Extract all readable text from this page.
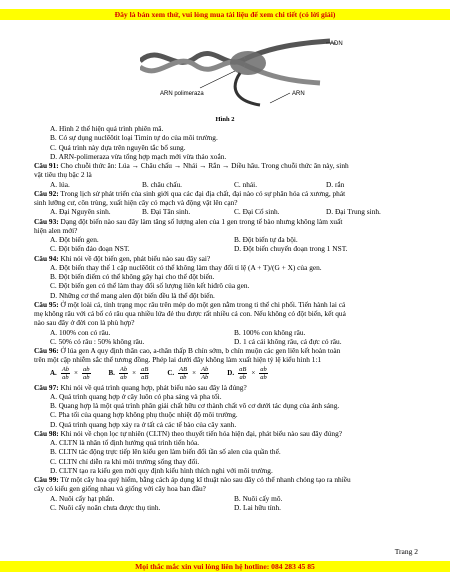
Đây là bản xem thử, vui lòng mua tài liệu để xem chi tiết (có lời giải)
ADN
ARN
ARN polimeraza
Hình 2
A. Hình 2 thể hiện quá trình phiên mã.
B. Có sự dụng nuclêôtit loại Timin tự do của môi trường.
C. Quá trình này dựa trên nguyên tắc bổ sung.
D. ARN-polimeraza vừa tổng hợp mạch mới vừa tháo xoắn.
Câu 91: Cho chuỗi thức ăn: Lúa → Châu chấu → Nhái → Rắn → Diều hâu. Trong chuỗi thức ăn này, sinh
vật tiêu thụ bậc 2 là
A. lúa.	B. châu chấu.	C. nhái.	D. rắn
Câu 92: Trong lịch sử phát triển của sinh giới qua các đại địa chất, đại nào có sự phân hóa cá xương, phát
sinh lưỡng cư, côn trùng, xuất hiện cây có mạch và động vật lên cạn?
A. Đại Nguyên sinh.	B. Đại Tân sinh.	C. Đại Cổ sinh.	D. Đại Trung sinh.
Câu 93: Dạng đột biến nào sau đây làm tăng số lượng alen của 1 gen trong tế bào nhưng không làm xuất
hiện alen mới?
A. Đột biến gen.	B. Đột biến tự đa bội.
C. Đột biến đảo đoạn NST.	D. Đột biến chuyển đoạn trong 1 NST.
Câu 94: Khi nói về đột biến gen, phát biểu nào sau đây sai?
A. Đột biến thay thế 1 cặp nuclêôtit có thể không làm thay đổi tỉ lệ (A + T)/(G + X) của gen.
B. Đột biến điểm có thể không gây hại cho thể đột biến.
C. Đột biến gen có thể làm thay đổi số lượng liên kết hiđrô của gen.
D. Những cơ thể mang alen đột biến đều là thể đột biến.
Câu 95: Ở một loài cá, tính trạng mọc râu trên mép do một gen nằm trong ti thể chi phối. Tiến hành lai cá
mẹ không râu với cá bố có râu qua nhiều lứa đẻ thu được rất nhiều cá con. Nếu không có đột biến, kết quả
nào sau đây ở đời con là phù hợp?
A. 100% con có râu.	B. 100% con không râu.
C. 50% có râu : 50% không râu.	D. 1 cá cái không râu, cá đực có râu.
Câu 96: Ở lúa gen A quy định thân cao, a-thân thấp B chín sớm, b chín muộn các gen liên kết hoàn toàn
trên một cặp nhiễm sắc thể tương đồng. Phép lai dưới đây không làm xuất hiện tỷ lệ kiểu hình 1:1
A. $\frac{Ab}{ab} \times \frac{ab}{ab}$	B. $\frac{Ab}{ab} \times \frac{aB}{aB}$	C. $\frac{AB}{ab} \times \frac{Ab}{Ab}$	D. $\frac{aB}{ab} \times \frac{ab}{ab}$
Câu 97: Khi nói về quá trình quang hợp, phát biểu nào sau đây là đúng?
A. Quá trình quang hợp ở cây luôn có pha sáng và pha tối.
B. Quang hợp là một quá trình phân giải chất hữu cơ thành chất vô cơ dưới tác dụng của ánh sáng.
C. Pha tối của quang hợp không phụ thuộc nhiệt độ môi trường.
D. Quá trình quang hợp xảy ra ở tất cả các tế bào của cây xanh.
Câu 98: Khi nói về chọn lọc tự nhiên (CLTN) theo thuyết tiến hóa hiện đại, phát biểu nào sau đây đúng?
A. CLTN là nhân tố định hướng quá trình tiến hóa.
B. CLTN tác động trực tiếp lên kiểu gen làm biến đổi tần số alen của quần thể.
C. CLTN chỉ diễn ra khi môi trường sống thay đổi.
D. CLTN tạo ra kiểu gen mới quy định kiểu hình thích nghi với môi trường.
Câu 99: Từ một cây hoa quý hiếm, bằng cách áp dụng kĩ thuật nào sau đây có thể nhanh chóng tạo ra nhiều
cây có kiểu gen giống nhau và giống với cây hoa ban đầu?
A. Nuôi cấy hạt phấn.	B. Nuôi cấy mô.
C. Nuôi cấy noãn chưa được thụ tinh.	D. Lai hữu tính.
Trang 2
Mọi thắc mắc xin vui lòng liên hệ hotline: 084 283 45 85
